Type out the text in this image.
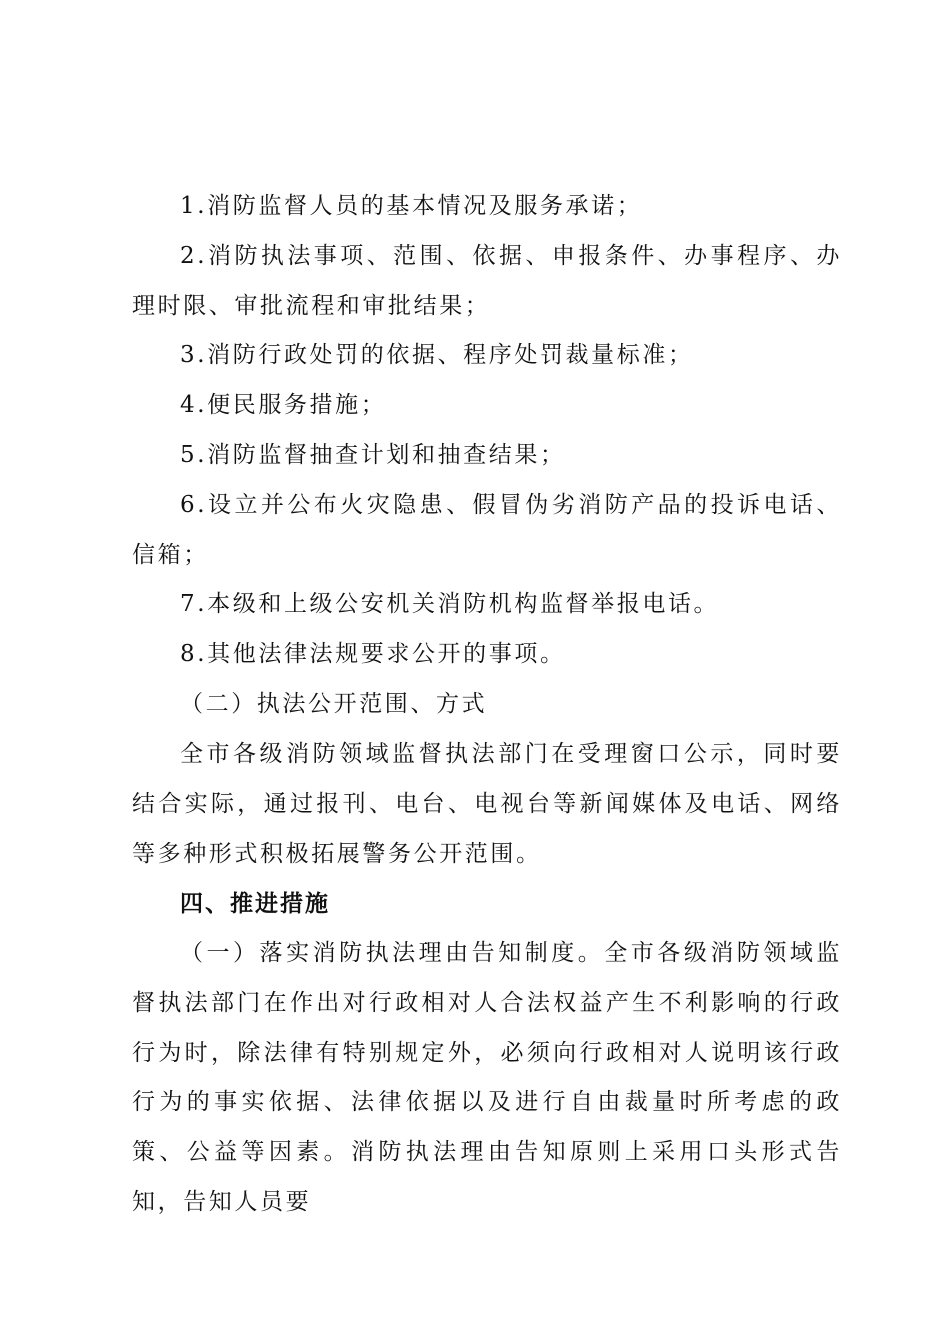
1.消防监督人员的基本情况及服务承诺；

2.消防执法事项、范围、依据、申报条件、办事程序、办理时限、审批流程和审批结果；

3.消防行政处罚的依据、程序处罚裁量标准；

4.便民服务措施；

5.消防监督抽查计划和抽查结果；

6.设立并公布火灾隐患、假冒伪劣消防产品的投诉电话、信箱；

7.本级和上级公安机关消防机构监督举报电话。

8.其他法律法规要求公开的事项。

（二）执法公开范围、方式

全市各级消防领域监督执法部门在受理窗口公示，同时要结合实际，通过报刊、电台、电视台等新闻媒体及电话、网络等多种形式积极拓展警务公开范围。

四、推进措施

（一）落实消防执法理由告知制度。全市各级消防领域监督执法部门在作出对行政相对人合法权益产生不利影响的行政行为时，除法律有特别规定外，必须向行政相对人说明该行政行为的事实依据、法律依据以及进行自由裁量时所考虑的政策、公益等因素。消防执法理由告知原则上采用口头形式告知，告知人员要
